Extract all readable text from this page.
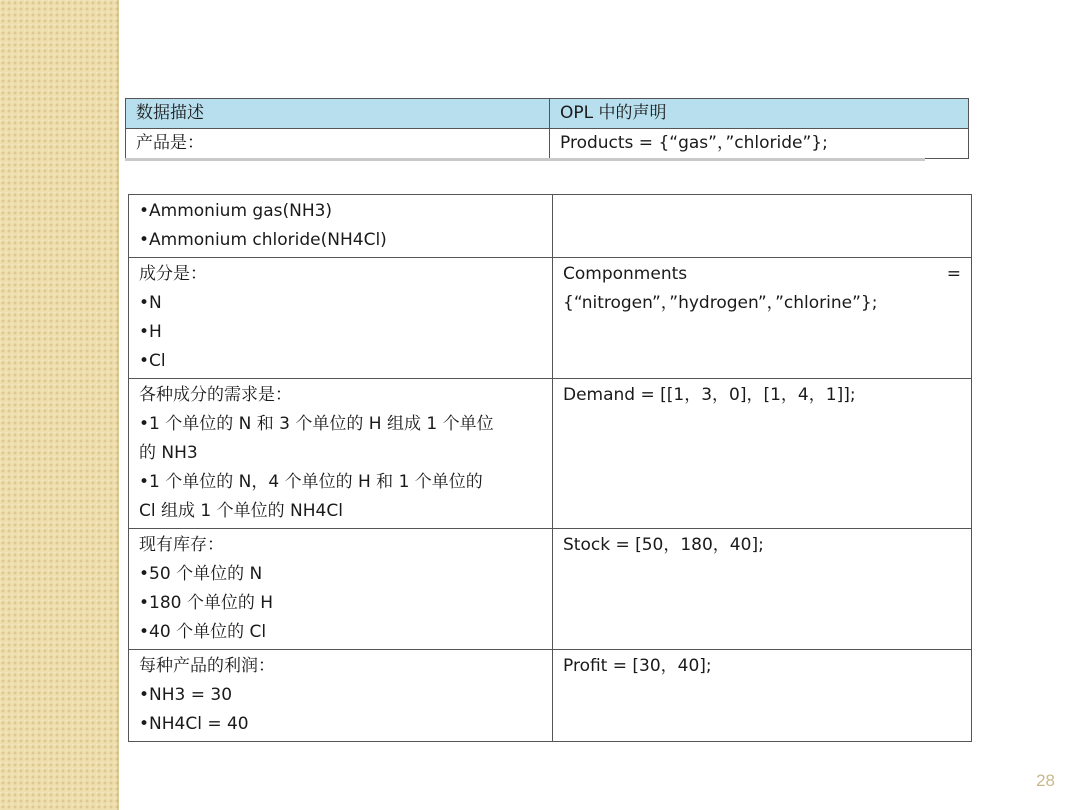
数据描述	OPL 中的声明
产品是：	Products = {“gas”，”chloride”};

•Ammonium gas(NH3)
•Ammonium chloride(NH4Cl)	

成分是：
•N
•H
•Cl	Componments =
{“nitrogen”，”hydrogen”，”chlorine”};

各种成分的需求是：
•1 个单位的 N 和 3 个单位的 H 组成 1 个单位
的 NH3
•1 个单位的 N，4 个单位的 H 和 1 个单位的
Cl 组成 1 个单位的 NH4Cl	Demand = [[1，3，0]，[1，4，1]];

现有库存：
•50 个单位的 N
•180 个单位的 H
•40 个单位的 Cl	Stock = [50，180，40];

每种产品的利润：
•NH3 = 30
•NH4Cl = 40	Profit = [30，40];
28
